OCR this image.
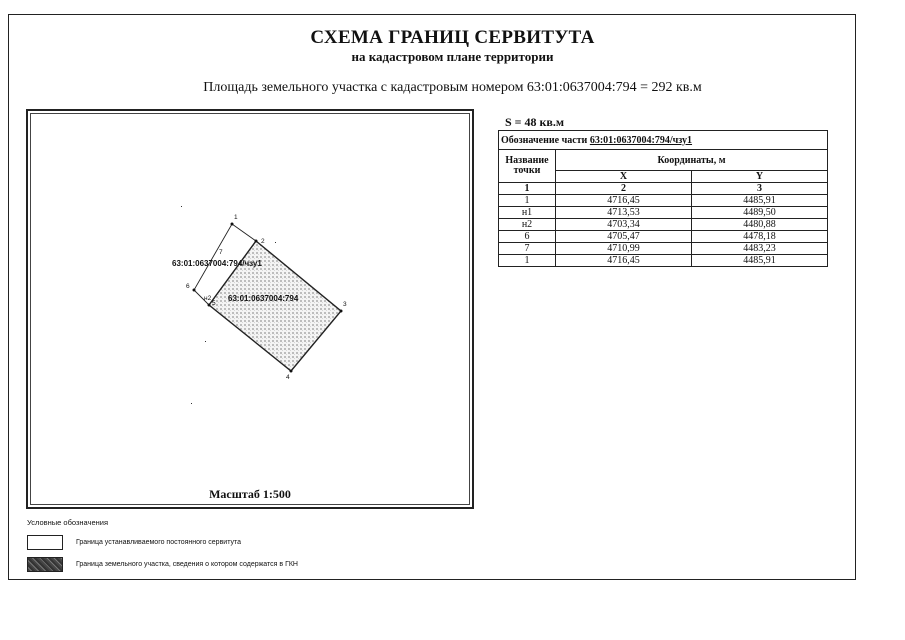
СХЕМА ГРАНИЦ СЕРВИТУТА
на кадастровом плане территории
Площадь земельного участка с кадастровым номером 63:01:0637004:794 = 292 кв.м
1
2
3
4
5
6
7
н2
63:01:0637004:794/чзу1
63:01:0637004:794
Масштаб 1:500
S = 48 кв.м
Обозначение части 63:01:0637004:794/чзу1		
Название точки	Координаты, м	
	X	Y
1	2	3
1	4716,45	4485,91
н1	4713,53	4489,50
н2	4703,34	4480,88
6	4705,47	4478,18
7	4710,99	4483,23
1	4716,45	4485,91
Условные обозначения
Граница устанавливаемого постоянного сервитута
Граница земельного участка, сведения о котором содержатся в ГКН
